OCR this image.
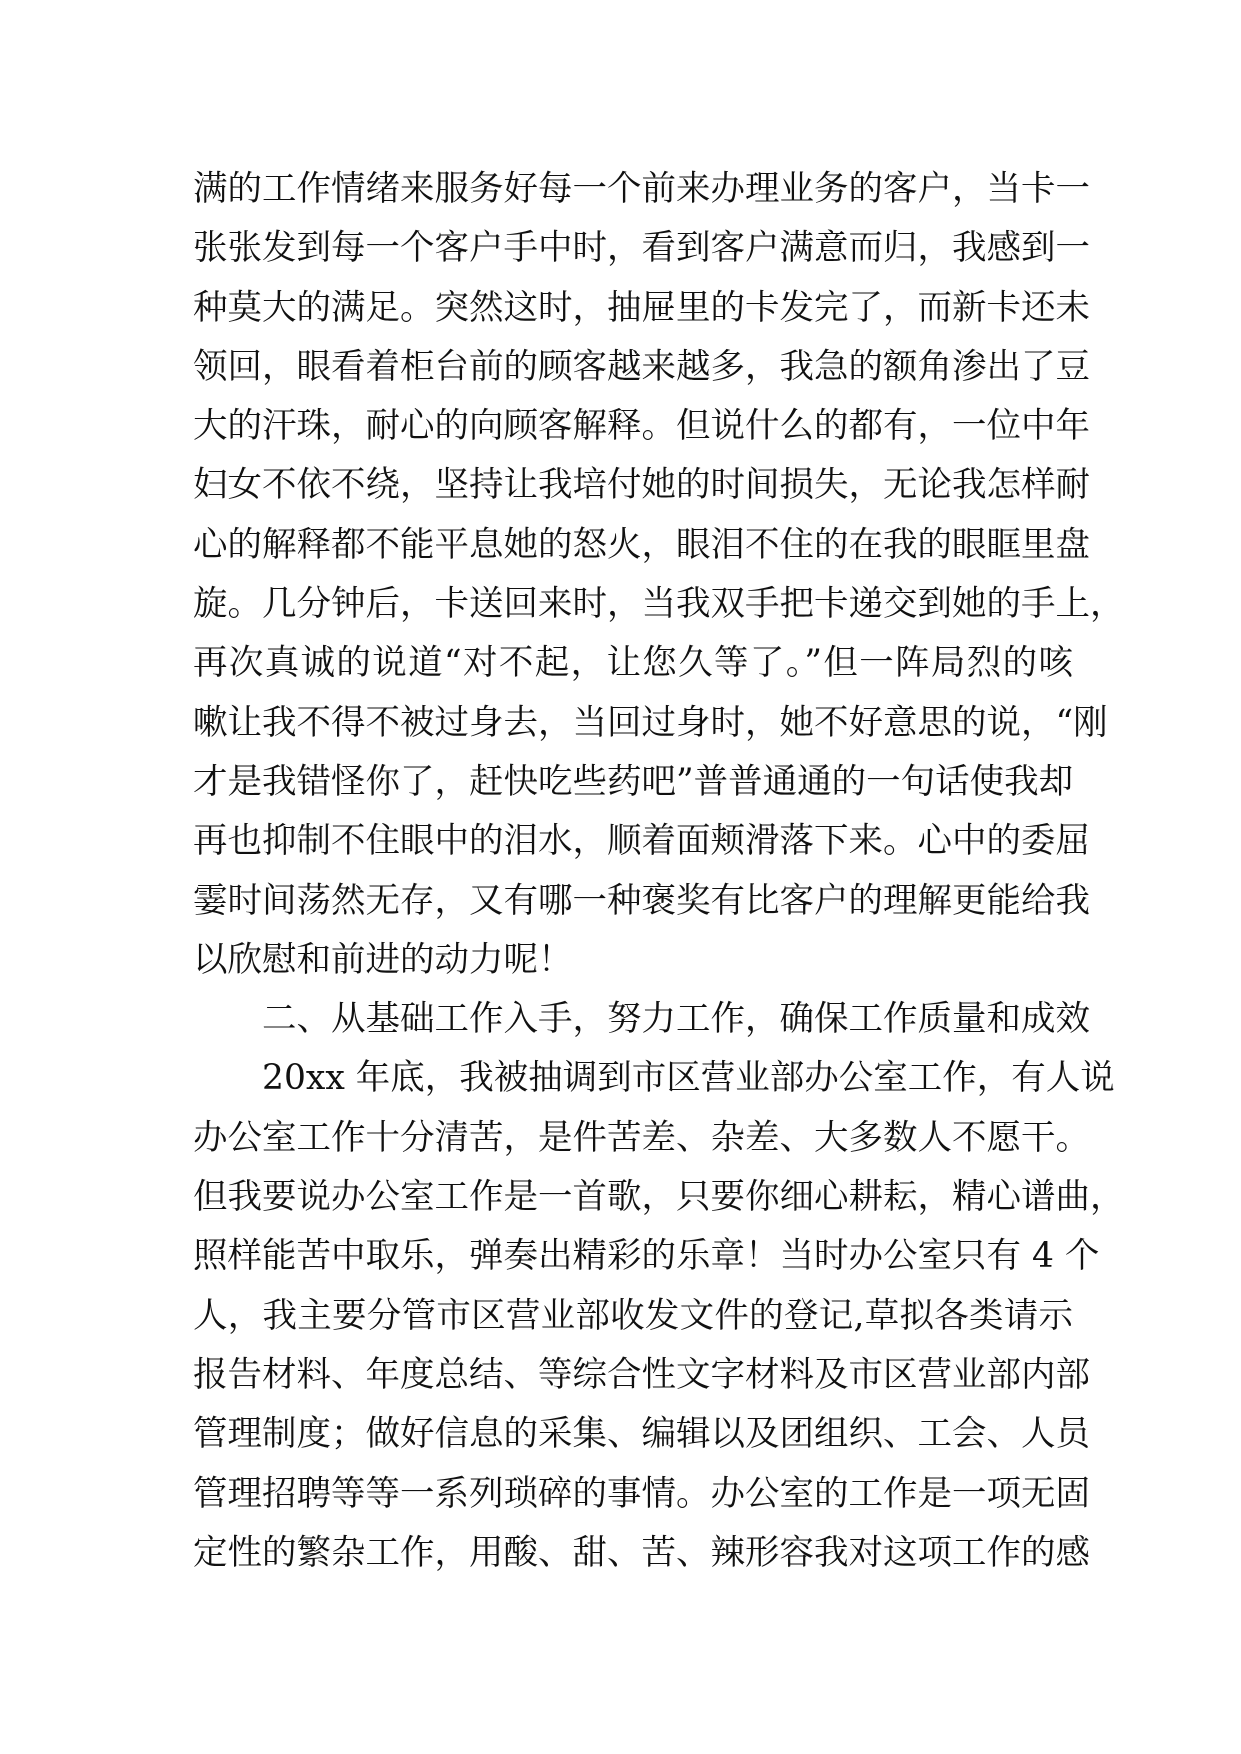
满的工作情绪来服务好每一个前来办理业务的客户，当卡一
张张发到每一个客户手中时，看到客户满意而归，我感到一
种莫大的满足。突然这时，抽屉里的卡发完了，而新卡还未
领回，眼看着柜台前的顾客越来越多，我急的额角渗出了豆
大的汗珠，耐心的向顾客解释。但说什么的都有，一位中年
妇女不依不绕，坚持让我培付她的时间损失，无论我怎样耐
心的解释都不能平息她的怒火，眼泪不住的在我的眼眶里盘
旋。几分钟后，卡送回来时，当我双手把卡递交到她的手上，
再次真诚的说道“对不起，让您久等了。”但一阵局烈的咳
嗽让我不得不被过身去，当回过身时，她不好意思的说，“刚
才是我错怪你了，赶快吃些药吧”普普通通的一句话使我却
再也抑制不住眼中的泪水，顺着面颊滑落下来。心中的委屈
霎时间荡然无存，又有哪一种褒奖有比客户的理解更能给我
以欣慰和前进的动力呢！
二、从基础工作入手，努力工作，确保工作质量和成效
20xx 年底，我被抽调到市区营业部办公室工作，有人说
办公室工作十分清苦，是件苦差、杂差、大多数人不愿干。
但我要说办公室工作是一首歌，只要你细心耕耘，精心谱曲，
照样能苦中取乐，弹奏出精彩的乐章！当时办公室只有 4 个
人，我主要分管市区营业部收发文件的登记,草拟各类请示
报告材料、年度总结、等综合性文字材料及市区营业部内部
管理制度；做好信息的采集、编辑以及团组织、工会、人员
管理招聘等等一系列琐碎的事情。办公室的工作是一项无固
定性的繁杂工作，用酸、甜、苦、辣形容我对这项工作的感
